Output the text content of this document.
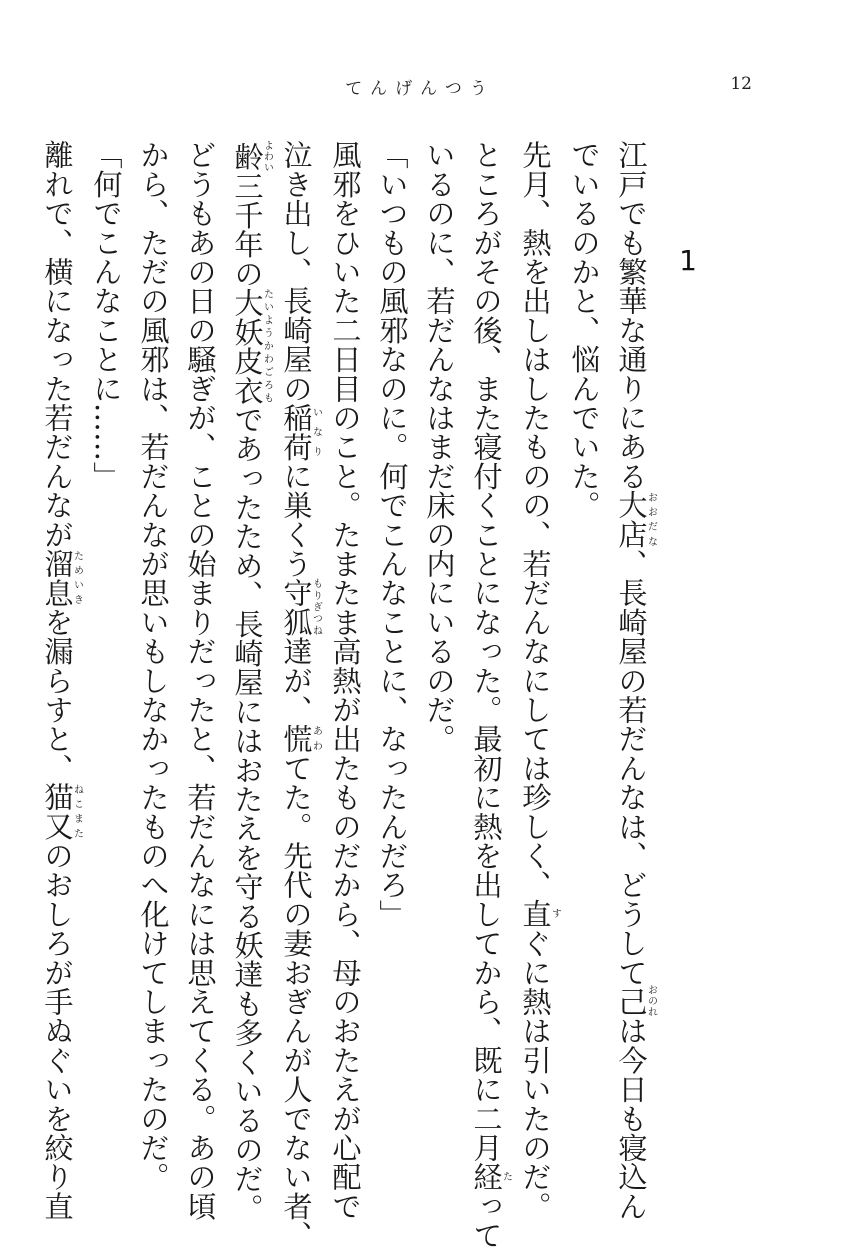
てんげんつう	12
1
江戸でも繁華な通りにある大店おおだな、長崎屋の若だんなは、どうして己おのれは今日も寝込ん
でいるのかと、悩んでいた。
先月、熱を出しはしたものの、若だんなにしては珍しく、直すぐに熱は引いたのだ。
ところがその後、また寝付くことになった。最初に熱を出してから、既に二月経たって
いるのに、若だんなはまだ床の内にいるのだ。
「いつもの風邪なのに。何でこんなことに、なったんだろ」
風邪をひいた二日目のこと。たまたま高熱が出たものだから、母のおたえが心配で
泣き出し、長崎屋の稲荷いなりに巣くう守狐もりぎつね達が、慌あわてた。先代の妻おぎんが人でない者、
齢よわい三千年の大妖皮衣たいようかわごろもであったため、長崎屋にはおたえを守る妖達も多くいるのだ。
どうもあの日の騒ぎが、ことの始まりだったと、若だんなには思えてくる。あの頃
から、ただの風邪は、若だんなが思いもしなかったものへ化けてしまったのだ。
「何でこんなことに……」
離れで、横になった若だんなが溜息ためいきを漏らすと、猫又ねこまたのおしろが手ぬぐいを絞り直
